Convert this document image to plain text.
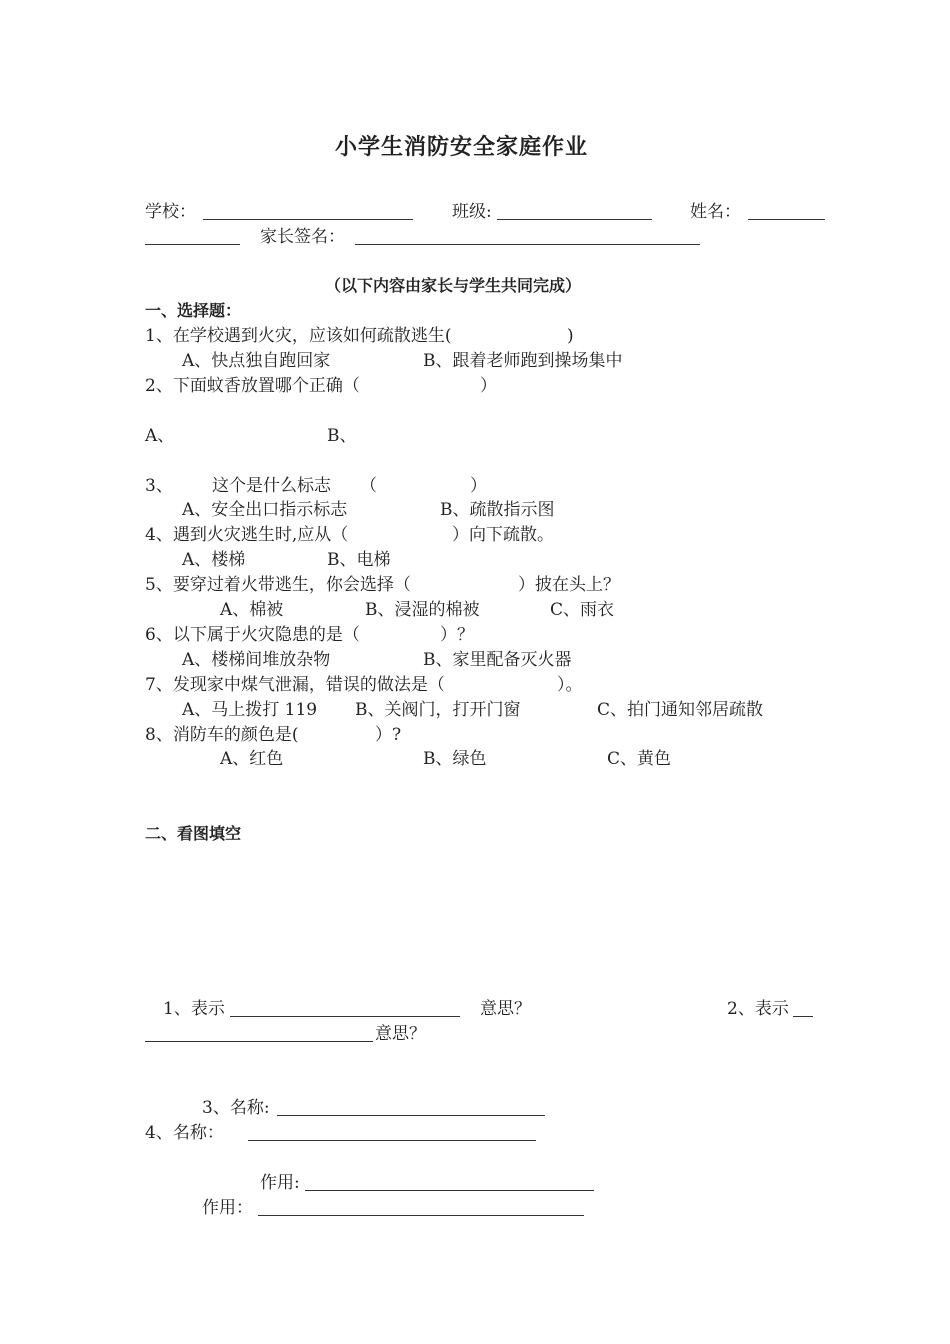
小学生消防安全家庭作业
学校：	班级:	姓名：
家长签名：
（以下内容由家长与学生共同完成）
一、选择题：
1、在学校遇到火灾，应该如何疏散逃生(	)
A、快点独自跑回家	B、跟着老师跑到操场集中
2、下面蚊香放置哪个正确（	）
A、	B、
3、 这个是什么标志 （	）
A、安全出口指示标志	B、疏散指示图
4、遇到火灾逃生时,应从（	）向下疏散。
A、楼梯	B、电梯
5、要穿过着火带逃生，你会选择（	）披在头上？
A、棉被	B、浸湿的棉被	C、雨衣
6、以下属于火灾隐患的是（	）？
A、楼梯间堆放杂物	B、家里配备灭火器
7、发现家中煤气泄漏，错误的做法是（	）。
A、马上拨打 119 B、关阀门，打开门窗	C、拍门通知邻居疏散
8、消防车的颜色是(	）?
A、红色	B、绿色	C、黄色
二、看图填空
1、表示	意思？	2、表示
意思？
3、名称:
4、名称：
作用:
作用：
